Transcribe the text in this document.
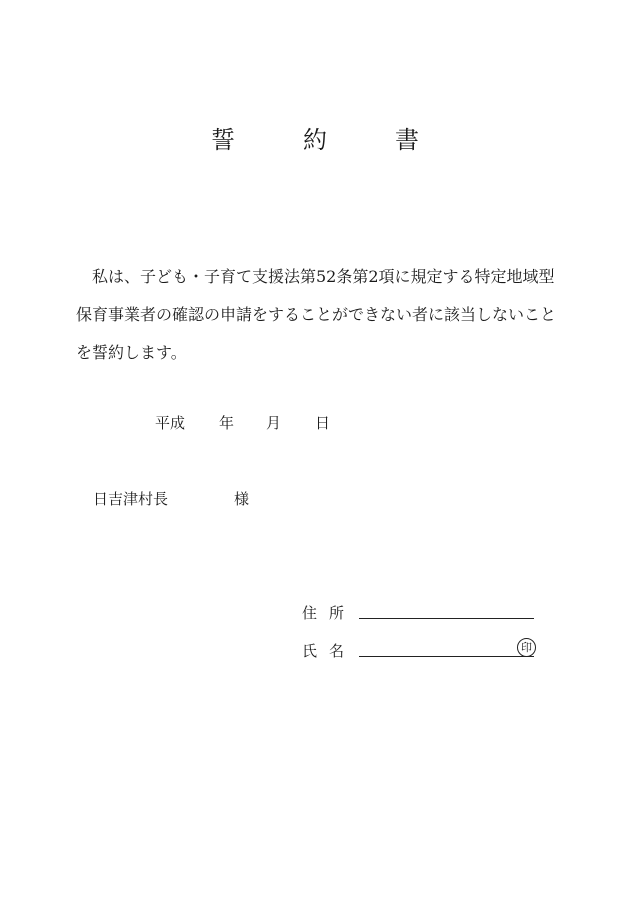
誓　約　書

　私は、子ども・子育て支援法第52条第2項に規定する特定地域型保育事業者の確認の申請をすることができない者に該当しないことを誓約します。

平成 年 月 日
日吉津村長	様
住所
氏名	印
